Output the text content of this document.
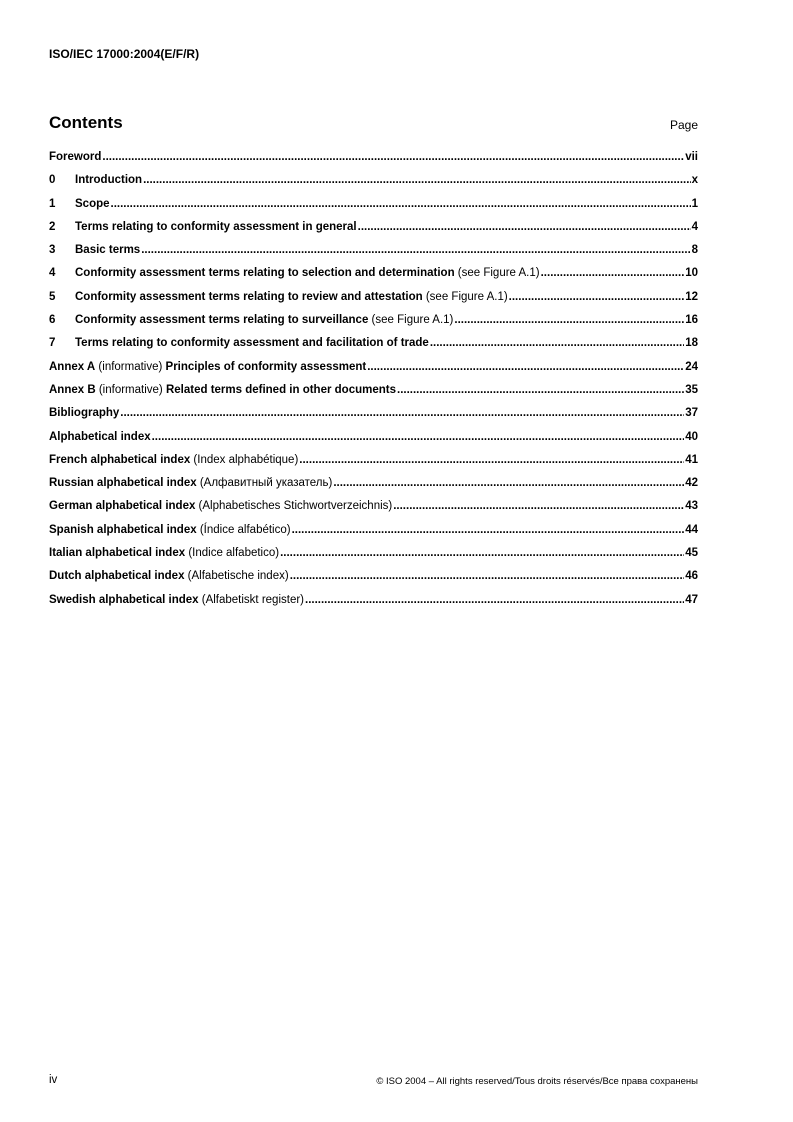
ISO/IEC 17000:2004(E/F/R)
Contents	Page
Foreword .....	vii
0	Introduction .....	x
1	Scope .....	1
2	Terms relating to conformity assessment in general .....	4
3	Basic terms .....	8
4	Conformity assessment terms relating to selection and determination (see Figure A.1) .....	10
5	Conformity assessment terms relating to review and attestation (see Figure A.1) .....	12
6	Conformity assessment terms relating to surveillance (see Figure A.1) .....	16
7	Terms relating to conformity assessment and facilitation of trade .....	18
Annex A (informative) Principles of conformity assessment .....	24
Annex B (informative) Related terms defined in other documents .....	35
Bibliography .....	37
Alphabetical index .....	40
French alphabetical index (Index alphabétique) .....	41
Russian alphabetical index (Алфавитный указатель) .....	42
German alphabetical index (Alphabetisches Stichwortverzeichnis) .....	43
Spanish alphabetical index (Índice alfabético) .....	44
Italian alphabetical index (Indice alfabetico) .....	45
Dutch alphabetical index (Alfabetische index) .....	46
Swedish alphabetical index (Alfabetiskt register) .....	47
iv	© ISO 2004 – All rights reserved/Tous droits réservés/Все права сохранены
